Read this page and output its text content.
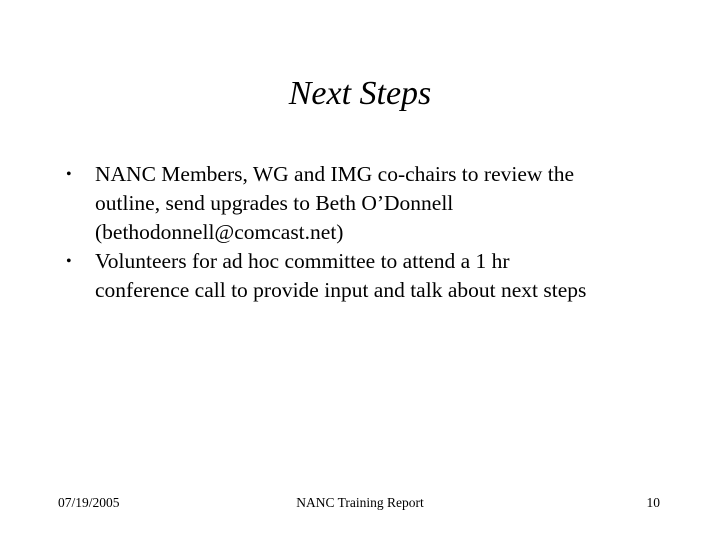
Next Steps
•	NANC Members, WG and IMG co-chairs to review the
outline, send upgrades to Beth O’Donnell
(bethodonnell@comcast.net)
•	Volunteers for ad hoc committee to attend a 1 hr
conference call to provide input and talk about next steps
07/19/2005	NANC Training Report	10
